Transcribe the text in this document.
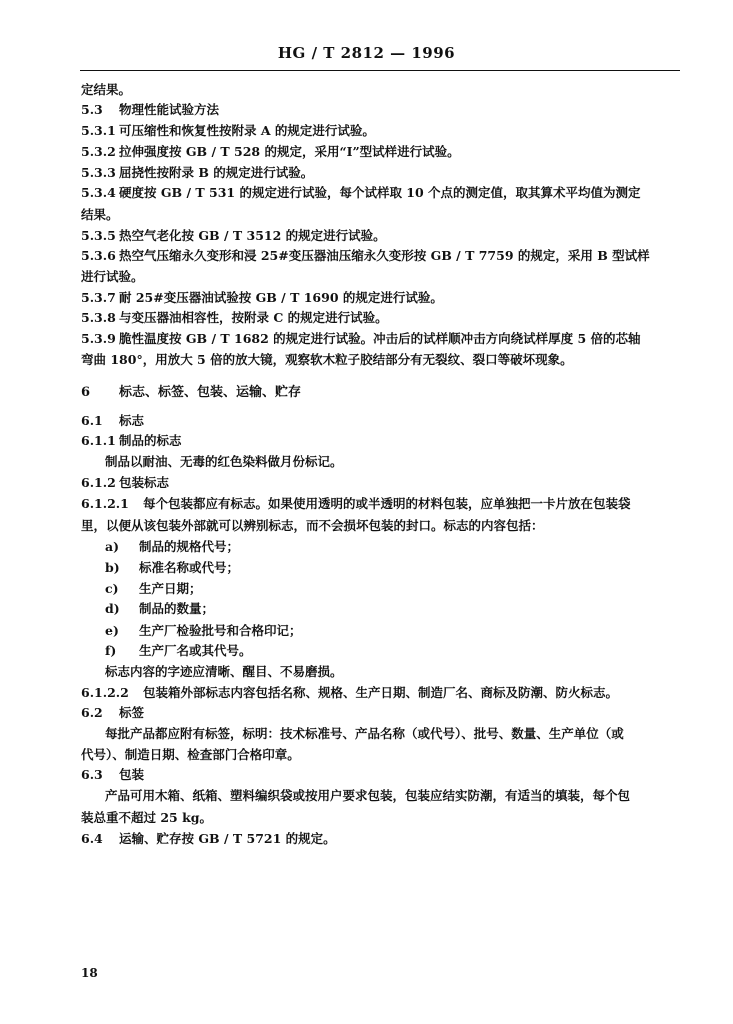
HG / T 2812 — 1996
定结果。
5.3 物理性能试验方法
5.3.1 可压缩性和恢复性按附录 A 的规定进行试验。
5.3.2 拉伸强度按 GB / T 528 的规定，采用“Ⅰ”型试样进行试验。
5.3.3 屈挠性按附录 B 的规定进行试验。
5.3.4 硬度按 GB / T 531 的规定进行试验，每个试样取 10 个点的测定值，取其算术平均值为测定
结果。
5.3.5 热空气老化按 GB / T 3512 的规定进行试验。
5.3.6 热空气压缩永久变形和浸 25#变压器油压缩永久变形按 GB / T 7759 的规定，采用 B 型试样
进行试验。
5.3.7 耐 25#变压器油试验按 GB / T 1690 的规定进行试验。
5.3.8 与变压器油相容性，按附录 C 的规定进行试验。
5.3.9 脆性温度按 GB / T 1682 的规定进行试验。冲击后的试样顺冲击方向绕试样厚度 5 倍的芯轴
弯曲 180°，用放大 5 倍的放大镜，观察软木粒子胶结部分有无裂纹、裂口等破坏现象。
6 标志、标签、包装、运输、贮存
6.1 标志
6.1.1 制品的标志
制品以耐油、无毒的红色染料做月份标记。
6.1.2 包装标志
6.1.2.1 每个包装都应有标志。如果使用透明的或半透明的材料包装，应单独把一卡片放在包装袋
里，以便从该包装外部就可以辨别标志，而不会损坏包装的封口。标志的内容包括：
a) 制品的规格代号；
b) 标准名称或代号；
c) 生产日期；
d) 制品的数量；
e) 生产厂检验批号和合格印记；
f) 生产厂名或其代号。
标志内容的字迹应清晰、醒目、不易磨损。
6.1.2.2 包装箱外部标志内容包括名称、规格、生产日期、制造厂名、商标及防潮、防火标志。
6.2 标签
每批产品都应附有标签，标明：技术标准号、产品名称（或代号）、批号、数量、生产单位（或
代号）、制造日期、检查部门合格印章。
6.3 包装
产品可用木箱、纸箱、塑料编织袋或按用户要求包装，包装应结实防潮，有适当的填装，每个包
装总重不超过 25 kg。
6.4 运输、贮存按 GB / T 5721 的规定。
18
